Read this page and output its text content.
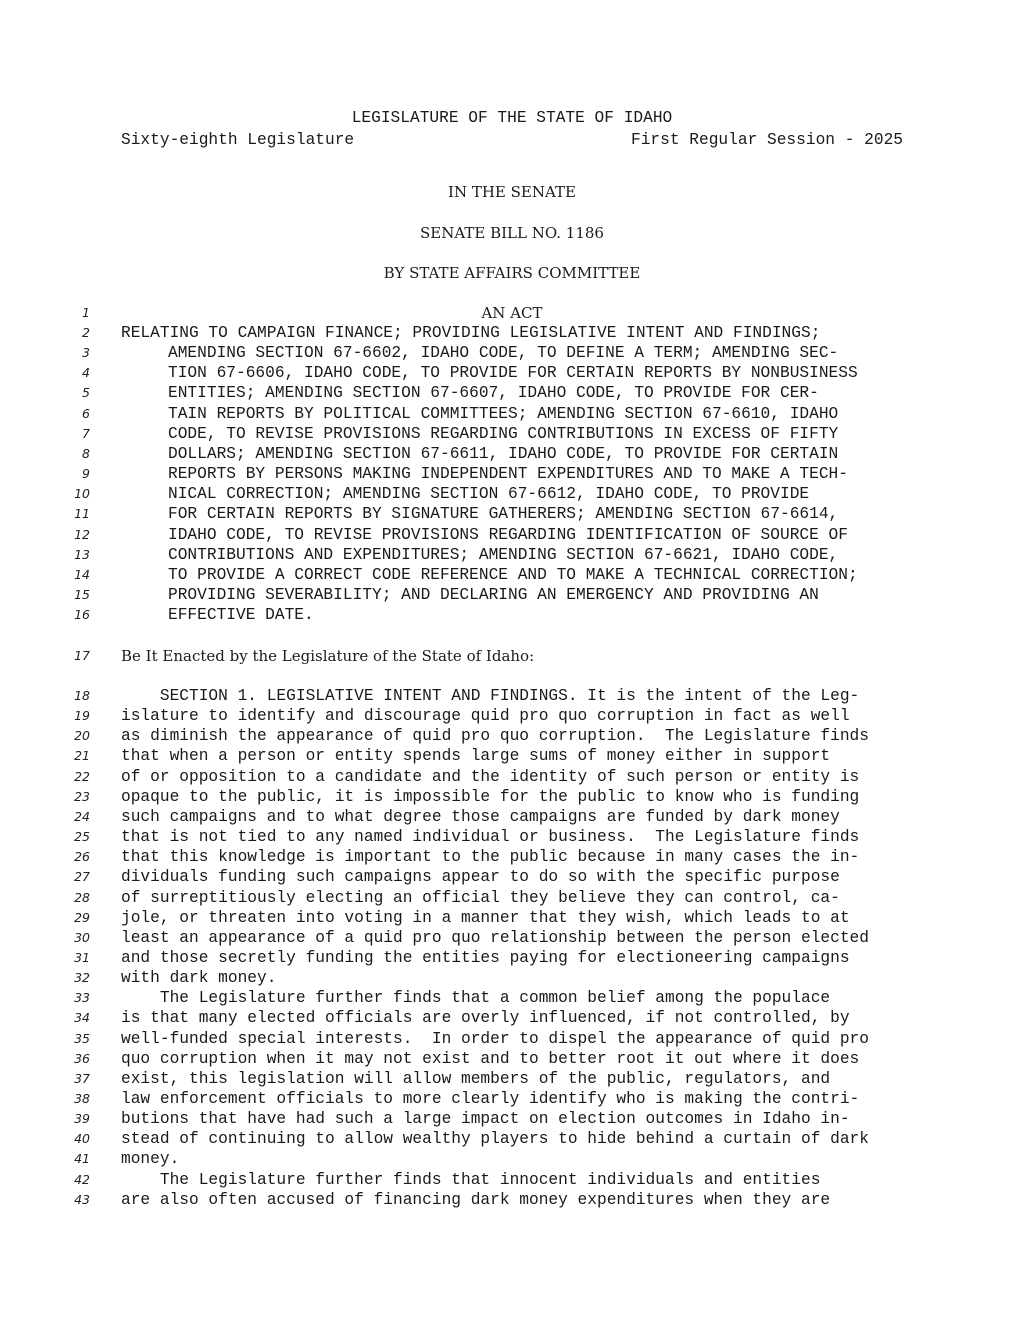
LEGISLATURE OF THE STATE OF IDAHO
Sixty-eighth Legislature	First Regular Session - 2025
IN THE SENATE
SENATE BILL NO. 1186
BY STATE AFFAIRS COMMITTEE
1	AN ACT
2 RELATING TO CAMPAIGN FINANCE; PROVIDING LEGISLATIVE INTENT AND FINDINGS;
3	AMENDING SECTION 67-6602, IDAHO CODE, TO DEFINE A TERM; AMENDING SEC-
4	TION 67-6606, IDAHO CODE, TO PROVIDE FOR CERTAIN REPORTS BY NONBUSINESS
5	ENTITIES; AMENDING SECTION 67-6607, IDAHO CODE, TO PROVIDE FOR CER-
6	TAIN REPORTS BY POLITICAL COMMITTEES; AMENDING SECTION 67-6610, IDAHO
7	CODE, TO REVISE PROVISIONS REGARDING CONTRIBUTIONS IN EXCESS OF FIFTY
8	DOLLARS; AMENDING SECTION 67-6611, IDAHO CODE, TO PROVIDE FOR CERTAIN
9	REPORTS BY PERSONS MAKING INDEPENDENT EXPENDITURES AND TO MAKE A TECH-
10	NICAL CORRECTION; AMENDING SECTION 67-6612, IDAHO CODE, TO PROVIDE
11	FOR CERTAIN REPORTS BY SIGNATURE GATHERERS; AMENDING SECTION 67-6614,
12	IDAHO CODE, TO REVISE PROVISIONS REGARDING IDENTIFICATION OF SOURCE OF
13	CONTRIBUTIONS AND EXPENDITURES; AMENDING SECTION 67-6621, IDAHO CODE,
14	TO PROVIDE A CORRECT CODE REFERENCE AND TO MAKE A TECHNICAL CORRECTION;
15	PROVIDING SEVERABILITY; AND DECLARING AN EMERGENCY AND PROVIDING AN
16	EFFECTIVE DATE.
17 Be It Enacted by the Legislature of the State of Idaho:
18 SECTION 1. LEGISLATIVE INTENT AND FINDINGS. It is the intent of the Leg-
19 islature to identify and discourage quid pro quo corruption in fact as well
20 as diminish the appearance of quid pro quo corruption.  The Legislature finds
21 that when a person or entity spends large sums of money either in support
22 of or opposition to a candidate and the identity of such person or entity is
23 opaque to the public, it is impossible for the public to know who is funding
24 such campaigns and to what degree those campaigns are funded by dark money
25 that is not tied to any named individual or business.  The Legislature finds
26 that this knowledge is important to the public because in many cases the in-
27 dividuals funding such campaigns appear to do so with the specific purpose
28 of surreptitiously electing an official they believe they can control, ca-
29 jole, or threaten into voting in a manner that they wish, which leads to at
30 least an appearance of a quid pro quo relationship between the person elected
31 and those secretly funding the entities paying for electioneering campaigns
32 with dark money.
33 The Legislature further finds that a common belief among the populace
34 is that many elected officials are overly influenced, if not controlled, by
35 well-funded special interests.  In order to dispel the appearance of quid pro
36 quo corruption when it may not exist and to better root it out where it does
37 exist, this legislation will allow members of the public, regulators, and
38 law enforcement officials to more clearly identify who is making the contri-
39 butions that have had such a large impact on election outcomes in Idaho in-
40 stead of continuing to allow wealthy players to hide behind a curtain of dark
41 money.
42 The Legislature further finds that innocent individuals and entities
43 are also often accused of financing dark money expenditures when they are
